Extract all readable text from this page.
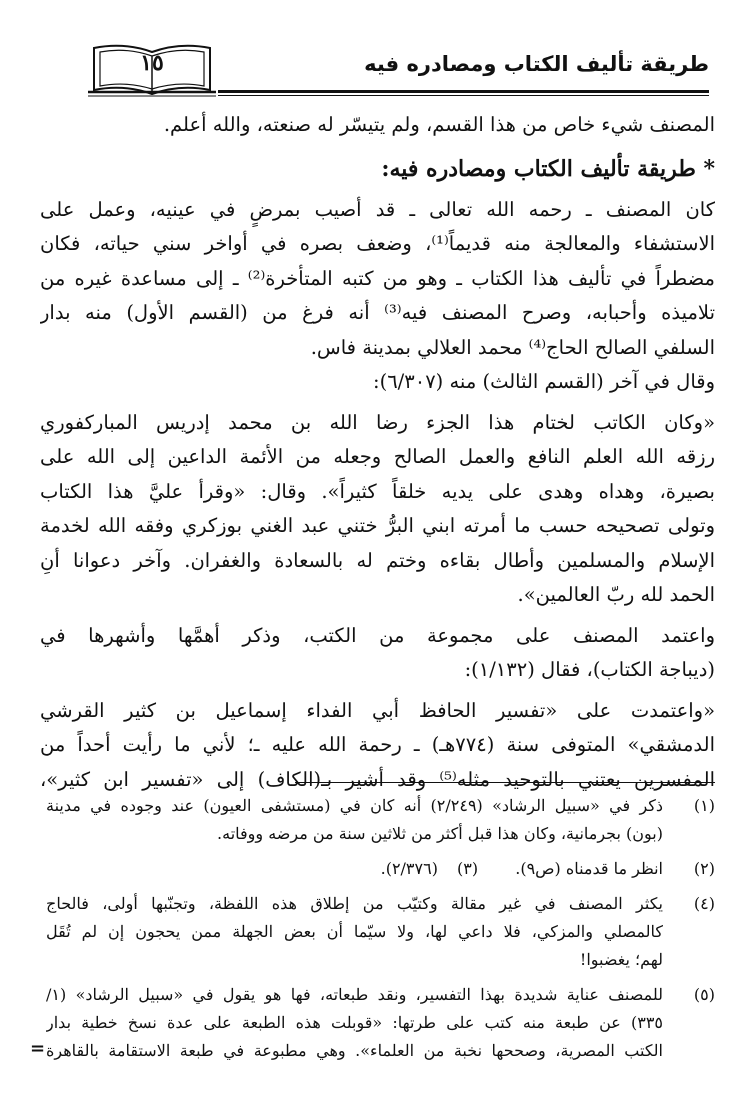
طريقة تأليف الكتاب ومصادره فيه
١٥
المصنف شيء خاص من هذا القسم، ولم يتيسّر له صنعته، والله أعلم.
* طريقة تأليف الكتاب ومصادره فيه:
كان المصنف ـ رحمه الله تعالى ـ قد أصيب بمرضٍ في عينيه، وعمل على
الاستشفاء والمعالجة منه قديماً⁽¹⁾، وضعف بصره في أواخر سني حياته، فكان
مضطراً في تأليف هذا الكتاب ـ وهو من كتبه المتأخرة⁽²⁾ ـ إلى مساعدة غيره من
تلاميذه وأحبابه، وصرح المصنف فيه⁽³⁾ أنه فرغ من (القسم الأول) منه بدار
السلفي الصالح الحاج⁽⁴⁾ محمد العلالي بمدينة فاس.
وقال في آخر (القسم الثالث) منه (٦/٣٠٧):
«وكان الكاتب لختام هذا الجزء رضا الله بن محمد إدريس المباركفوري
رزقه الله العلم النافع والعمل الصالح وجعله من الأئمة الداعين إلى الله على
بصيرة، وهداه وهدى على يديه خلقاً كثيراً». وقال: «وقرأ عليَّ هذا الكتاب
وتولى تصحيحه حسب ما أمرته ابني البرُّ ختني عبد الغني بوزكري وفقه الله لخدمة
الإسلام والمسلمين وأطال بقاءه وختم له بالسعادة والغفران. وآخر دعوانا أنِ
الحمد لله ربّ العالمين».
واعتمد المصنف على مجموعة من الكتب، وذكر أهمَّها وأشهرها في
(ديباجة الكتاب)، فقال (١/١٣٢):
«واعتمدت على «تفسير الحافظ أبي الفداء إسماعيل بن كثير القرشي
الدمشقي» المتوفى سنة (٧٧٤هـ) ـ رحمة الله عليه ـ؛ لأني ما رأيت أحداً من
المفسرين يعتني بالتوحيد مثله⁽⁵⁾ وقد أشير بـ(الكاف) إلى «تفسير ابن كثير»،
(١)
ذكر في «سبيل الرشاد» (٢/٢٤٩) أنه كان في (مستشفى العيون) عند وجوده في مدينة
(بون) بجرمانية، وكان هذا قبل أكثر من ثلاثين سنة من مرضه ووفاته.
(٢)
انظر ما قدمناه (ص٩). (٣) (٢/٣٧٦).
(٤)
يكثر المصنف في غير مقالة وكتيّب من إطلاق هذه اللفظة، وتجنّبها أولى، فالحاج
كالمصلي والمزكي، فلا داعي لها، ولا سيّما أن بعض الجهلة ممن يحجون إن لم تُقَل
لهم؛ يغضبوا!
(٥)
للمصنف عناية شديدة بهذا التفسير، ونقد طبعاته، فها هو يقول في «سبيل الرشاد» (١/
٣٣٥) عن طبعة منه كتب على طرتها: «قوبلت هذه الطبعة على عدة نسخ خطية بدار
الكتب المصرية، وصححها نخبة من العلماء». وهي مطبوعة في طبعة الاستقامة بالقاهرة
=
